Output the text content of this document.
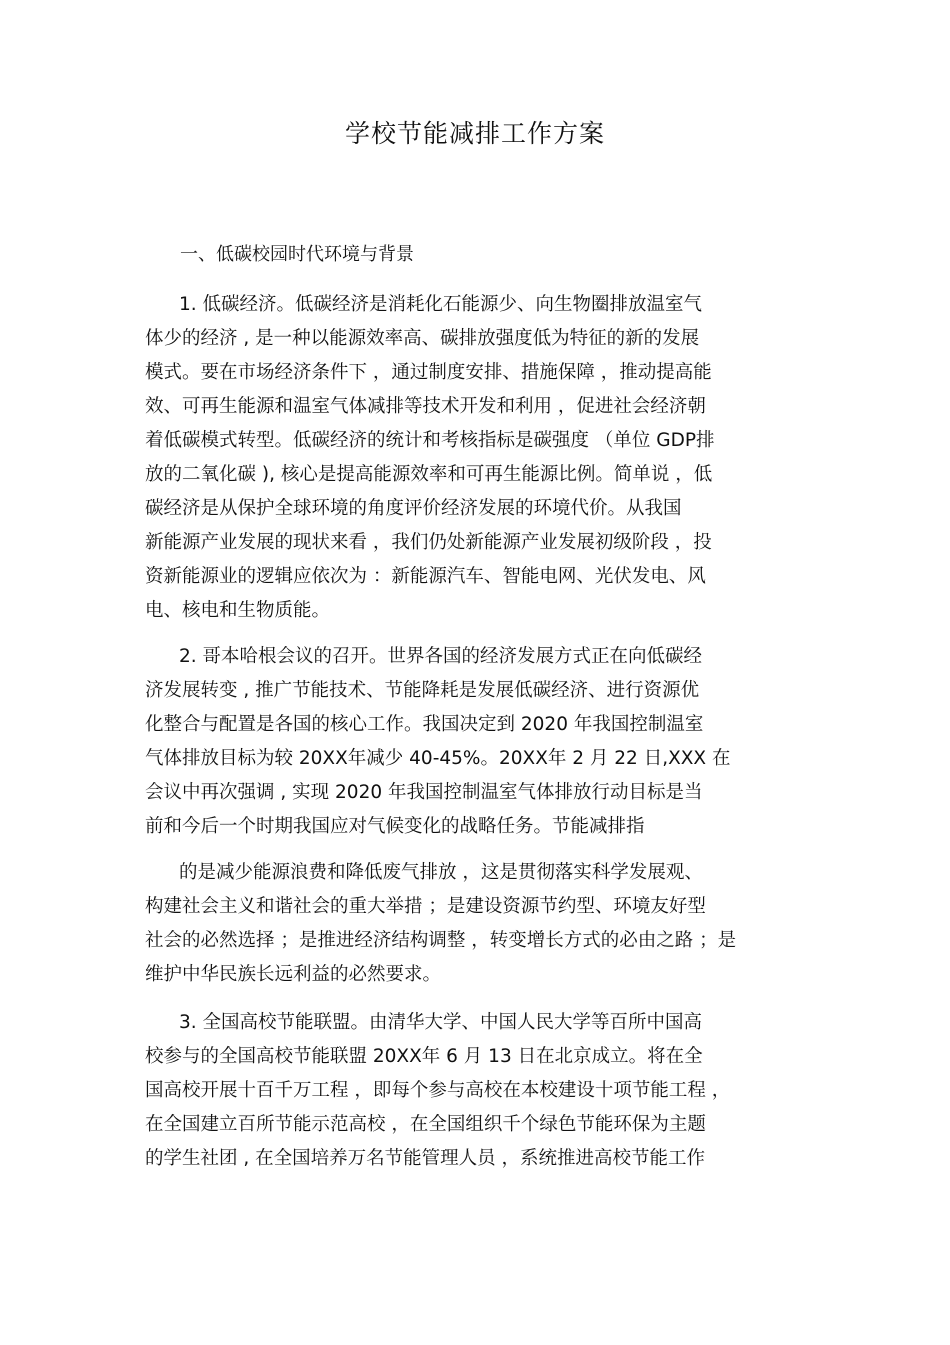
学校节能减排工作方案
一、低碳校园时代环境与背景
1. 低碳经济。低碳经济是消耗化石能源少、向生物圈排放温室气
体少的经济 , 是一种以能源效率高、碳排放强度低为特征的新的发展
模式。要在市场经济条件下 ，通过制度安排、措施保障 ，推动提高能
效、可再生能源和温室气体减排等技术开发和利用 ，促进社会经济朝
着低碳模式转型。低碳经济的统计和考核指标是碳强度 （单位 GDP排
放的二氧化碳 ), 核心是提高能源效率和可再生能源比例。简单说 ，低
碳经济是从保护全球环境的角度评价经济发展的环境代价。从我国
新能源产业发展的现状来看 ，我们仍处新能源产业发展初级阶段 ，投
资新能源业的逻辑应依次为 ：新能源汽车、智能电网、光伏发电、风
电、核电和生物质能。
2. 哥本哈根会议的召开。世界各国的经济发展方式正在向低碳经
济发展转变 , 推广节能技术、节能降耗是发展低碳经济、进行资源优
化整合与配置是各国的核心工作。我国决定到 2020 年我国控制温室
气体排放目标为较 20XX年减少 40-45%。20XX年 2 月 22 日,XXX 在
会议中再次强调 , 实现 2020 年我国控制温室气体排放行动目标是当
前和今后一个时期我国应对气候变化的战略任务。节能减排指
的是减少能源浪费和降低废气排放 ，这是贯彻落实科学发展观、
构建社会主义和谐社会的重大举措 ；是建设资源节约型、环境友好型
社会的必然选择 ；是推进经济结构调整 ，转变增长方式的必由之路 ；是
维护中华民族长远利益的必然要求。
3. 全国高校节能联盟。由清华大学、中国人民大学等百所中国高
校参与的全国高校节能联盟 20XX年 6 月 13 日在北京成立。将在全
国高校开展十百千万工程 ，即每个参与高校在本校建设十项节能工程 ，
在全国建立百所节能示范高校 ，在全国组织千个绿色节能环保为主题
的学生社团 , 在全国培养万名节能管理人员 ，系统推进高校节能工作
